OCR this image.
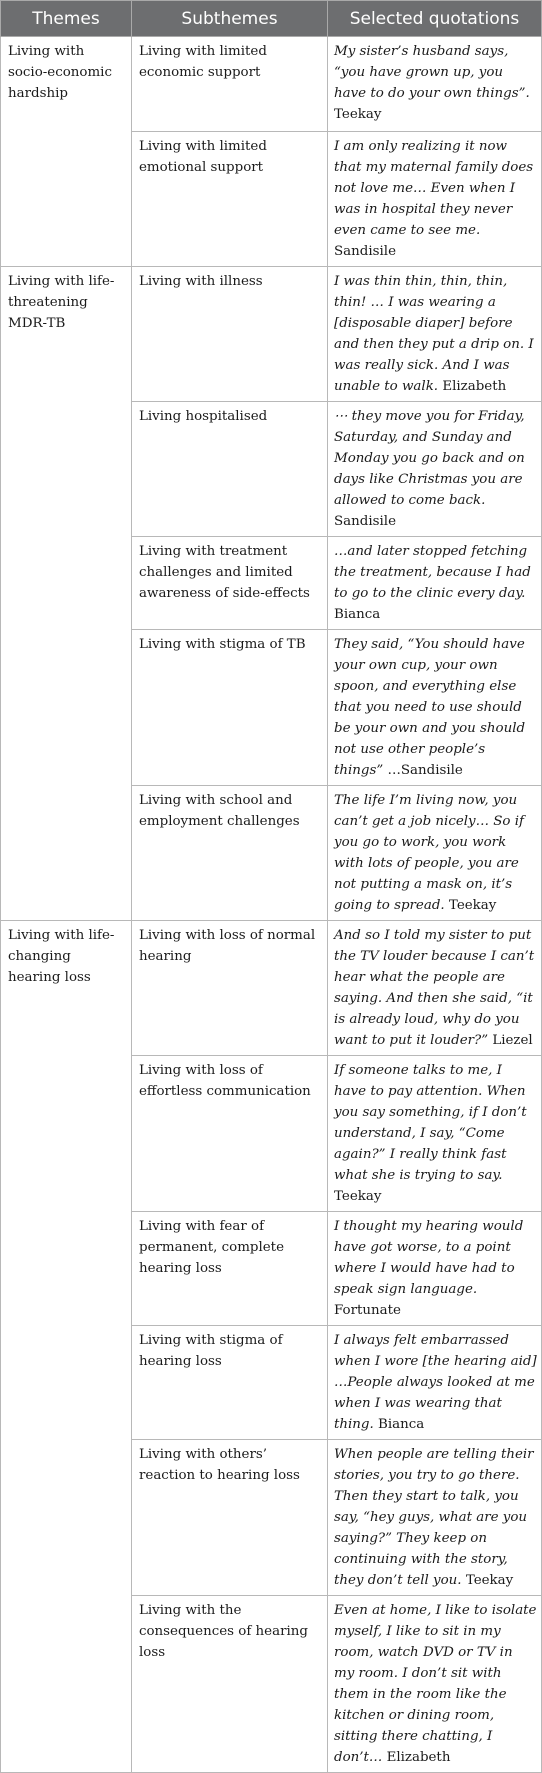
Themes	Subthemes	Selected quotations
Living with socio-economic hardship	Living with limited economic support	My sister’s husband says, “you have grown up, you have to do your own things”. Teekay
	Living with limited emotional support	I am only realizing it now that my maternal family does not love me… Even when I was in hospital they never even came to see me. Sandisile
Living with life-threatening MDR-TB	Living with illness	I was thin thin, thin, thin, thin! … I was wearing a [disposable diaper] before and then they put a drip on. I was really sick. And I was unable to walk. Elizabeth
	Living hospitalised	⋯ they move you for Friday, Saturday, and Sunday and Monday you go back and on days like Christmas you are allowed to come back. Sandisile
	Living with treatment challenges and limited awareness of side-effects	…and later stopped fetching the treatment, because I had to go to the clinic every day. Bianca
	Living with stigma of TB	They said, “You should have your own cup, your own spoon, and everything else that you need to use should be your own and you should not use other people’s things” …Sandisile
	Living with school and employment challenges	The life I’m living now, you can’t get a job nicely… So if you go to work, you work with lots of people, you are not putting a mask on, it’s going to spread. Teekay
Living with life-changing hearing loss	Living with loss of normal hearing	And so I told my sister to put the TV louder because I can’t hear what the people are saying. And then she said, “it is already loud, why do you want to put it louder?” Liezel
	Living with loss of effortless communication	If someone talks to me, I have to pay attention. When you say something, if I don’t understand, I say, “Come again?” I really think fast what she is trying to say. Teekay
	Living with fear of permanent, complete hearing loss	I thought my hearing would have got worse, to a point where I would have had to speak sign language. Fortunate
	Living with stigma of hearing loss	I always felt embarrassed when I wore [the hearing aid] …People always looked at me when I was wearing that thing. Bianca
	Living with others’ reaction to hearing loss	When people are telling their stories, you try to go there. Then they start to talk, you say, “hey guys, what are you saying?” They keep on continuing with the story, they don’t tell you. Teekay
	Living with the consequences of hearing loss	Even at home, I like to isolate myself, I like to sit in my room, watch DVD or TV in my room. I don’t sit with them in the room like the kitchen or dining room, sitting there chatting, I don’t… Elizabeth
